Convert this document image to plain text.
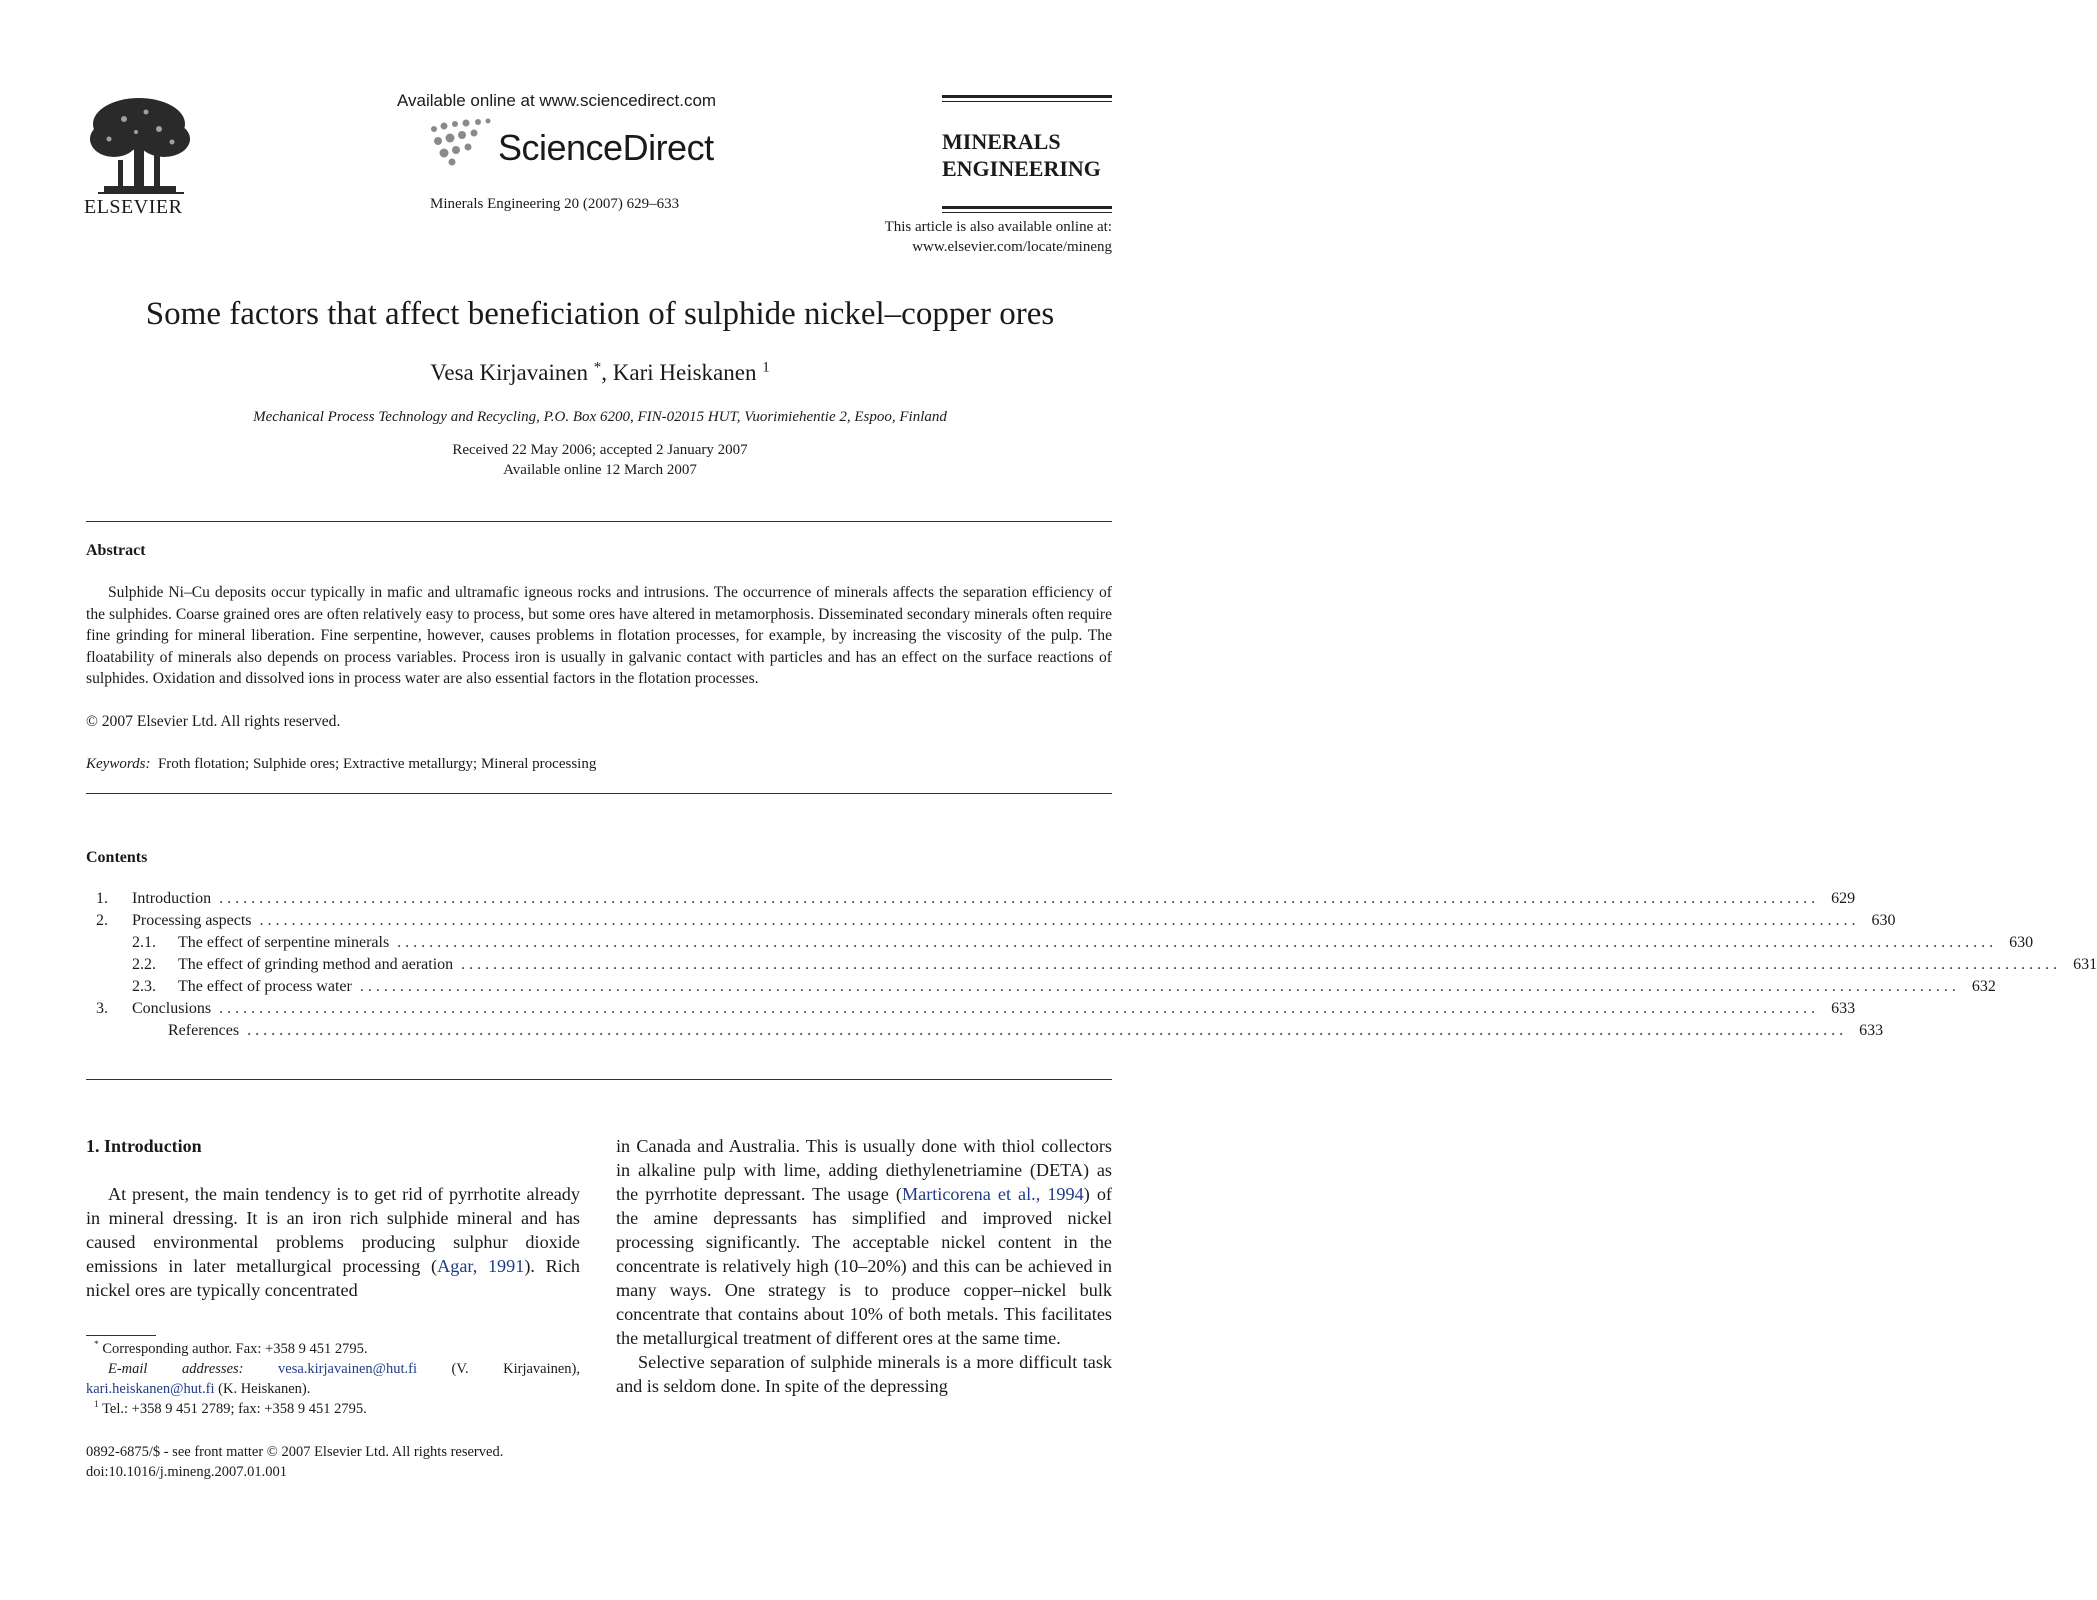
ELSEVIER
Available online at www.sciencedirect.com
ScienceDirect
Minerals Engineering 20 (2007) 629–633
MINERALS
ENGINEERING
This article is also available online at:
www.elsevier.com/locate/mineng
Some factors that affect beneficiation of sulphide nickel–copper ores
Vesa Kirjavainen *, Kari Heiskanen $^1$
Mechanical Process Technology and Recycling, P.O. Box 6200, FIN-02015 HUT, Vuorimiehentie 2, Espoo, Finland
Received 22 May 2006; accepted 2 January 2007
Available online 12 March 2007
Abstract
Sulphide Ni–Cu deposits occur typically in mafic and ultramafic igneous rocks and intrusions. The occurrence of minerals affects the separation efficiency of the sulphides. Coarse grained ores are often relatively easy to process, but some ores have altered in metamorphosis. Disseminated secondary minerals often require fine grinding for mineral liberation. Fine serpentine, however, causes problems in flotation processes, for example, by increasing the viscosity of the pulp. The floatability of minerals also depends on process variables. Process iron is usually in galvanic contact with particles and has an effect on the surface reactions of sulphides. Oxidation and dissolved ions in process water are also essential factors in the flotation processes.
© 2007 Elsevier Ltd. All rights reserved.
Keywords: Froth flotation; Sulphide ores; Extractive metallurgy; Mineral processing
Contents
1.	Introduction ........................................................................................................................................................................................................ 629
2.	Processing aspects ........................................................................................................................................................................................................ 630
2.1.	The effect of serpentine minerals ........................................................................................................................................................................................................ 630
2.2.	The effect of grinding method and aeration ........................................................................................................................................................................................................ 631
2.3.	The effect of process water ........................................................................................................................................................................................................ 632
3.	Conclusions ........................................................................................................................................................................................................ 633
References ........................................................................................................................................................................................................ 633
1. Introduction

At present, the main tendency is to get rid of pyrrhotite already in mineral dressing. It is an iron rich sulphide mineral and has caused environmental problems producing sulphur dioxide emissions in later metallurgical processing (Agar, 1991). Rich nickel ores are typically concentrated

in Canada and Australia. This is usually done with thiol collectors in alkaline pulp with lime, adding diethylenetriamine (DETA) as the pyrrhotite depressant. The usage (Marticorena et al., 1994) of the amine depressants has simplified and improved nickel processing significantly. The acceptable nickel content in the concentrate is relatively high (10–20%) and this can be achieved in many ways. One strategy is to produce copper–nickel bulk concentrate that contains about 10% of both metals. This facilitates the metallurgical treatment of different ores at the same time.

Selective separation of sulphide minerals is a more difficult task and is seldom done. In spite of the depressing

* Corresponding author. Fax: +358 9 451 2795.
E-mail addresses: vesa.kirjavainen@hut.fi (V. Kirjavainen), kari.heiskanen@hut.fi (K. Heiskanen).
$^1$ Tel.: +358 9 451 2789; fax: +358 9 451 2795.
0892-6875/$ - see front matter © 2007 Elsevier Ltd. All rights reserved.
doi:10.1016/j.mineng.2007.01.001
